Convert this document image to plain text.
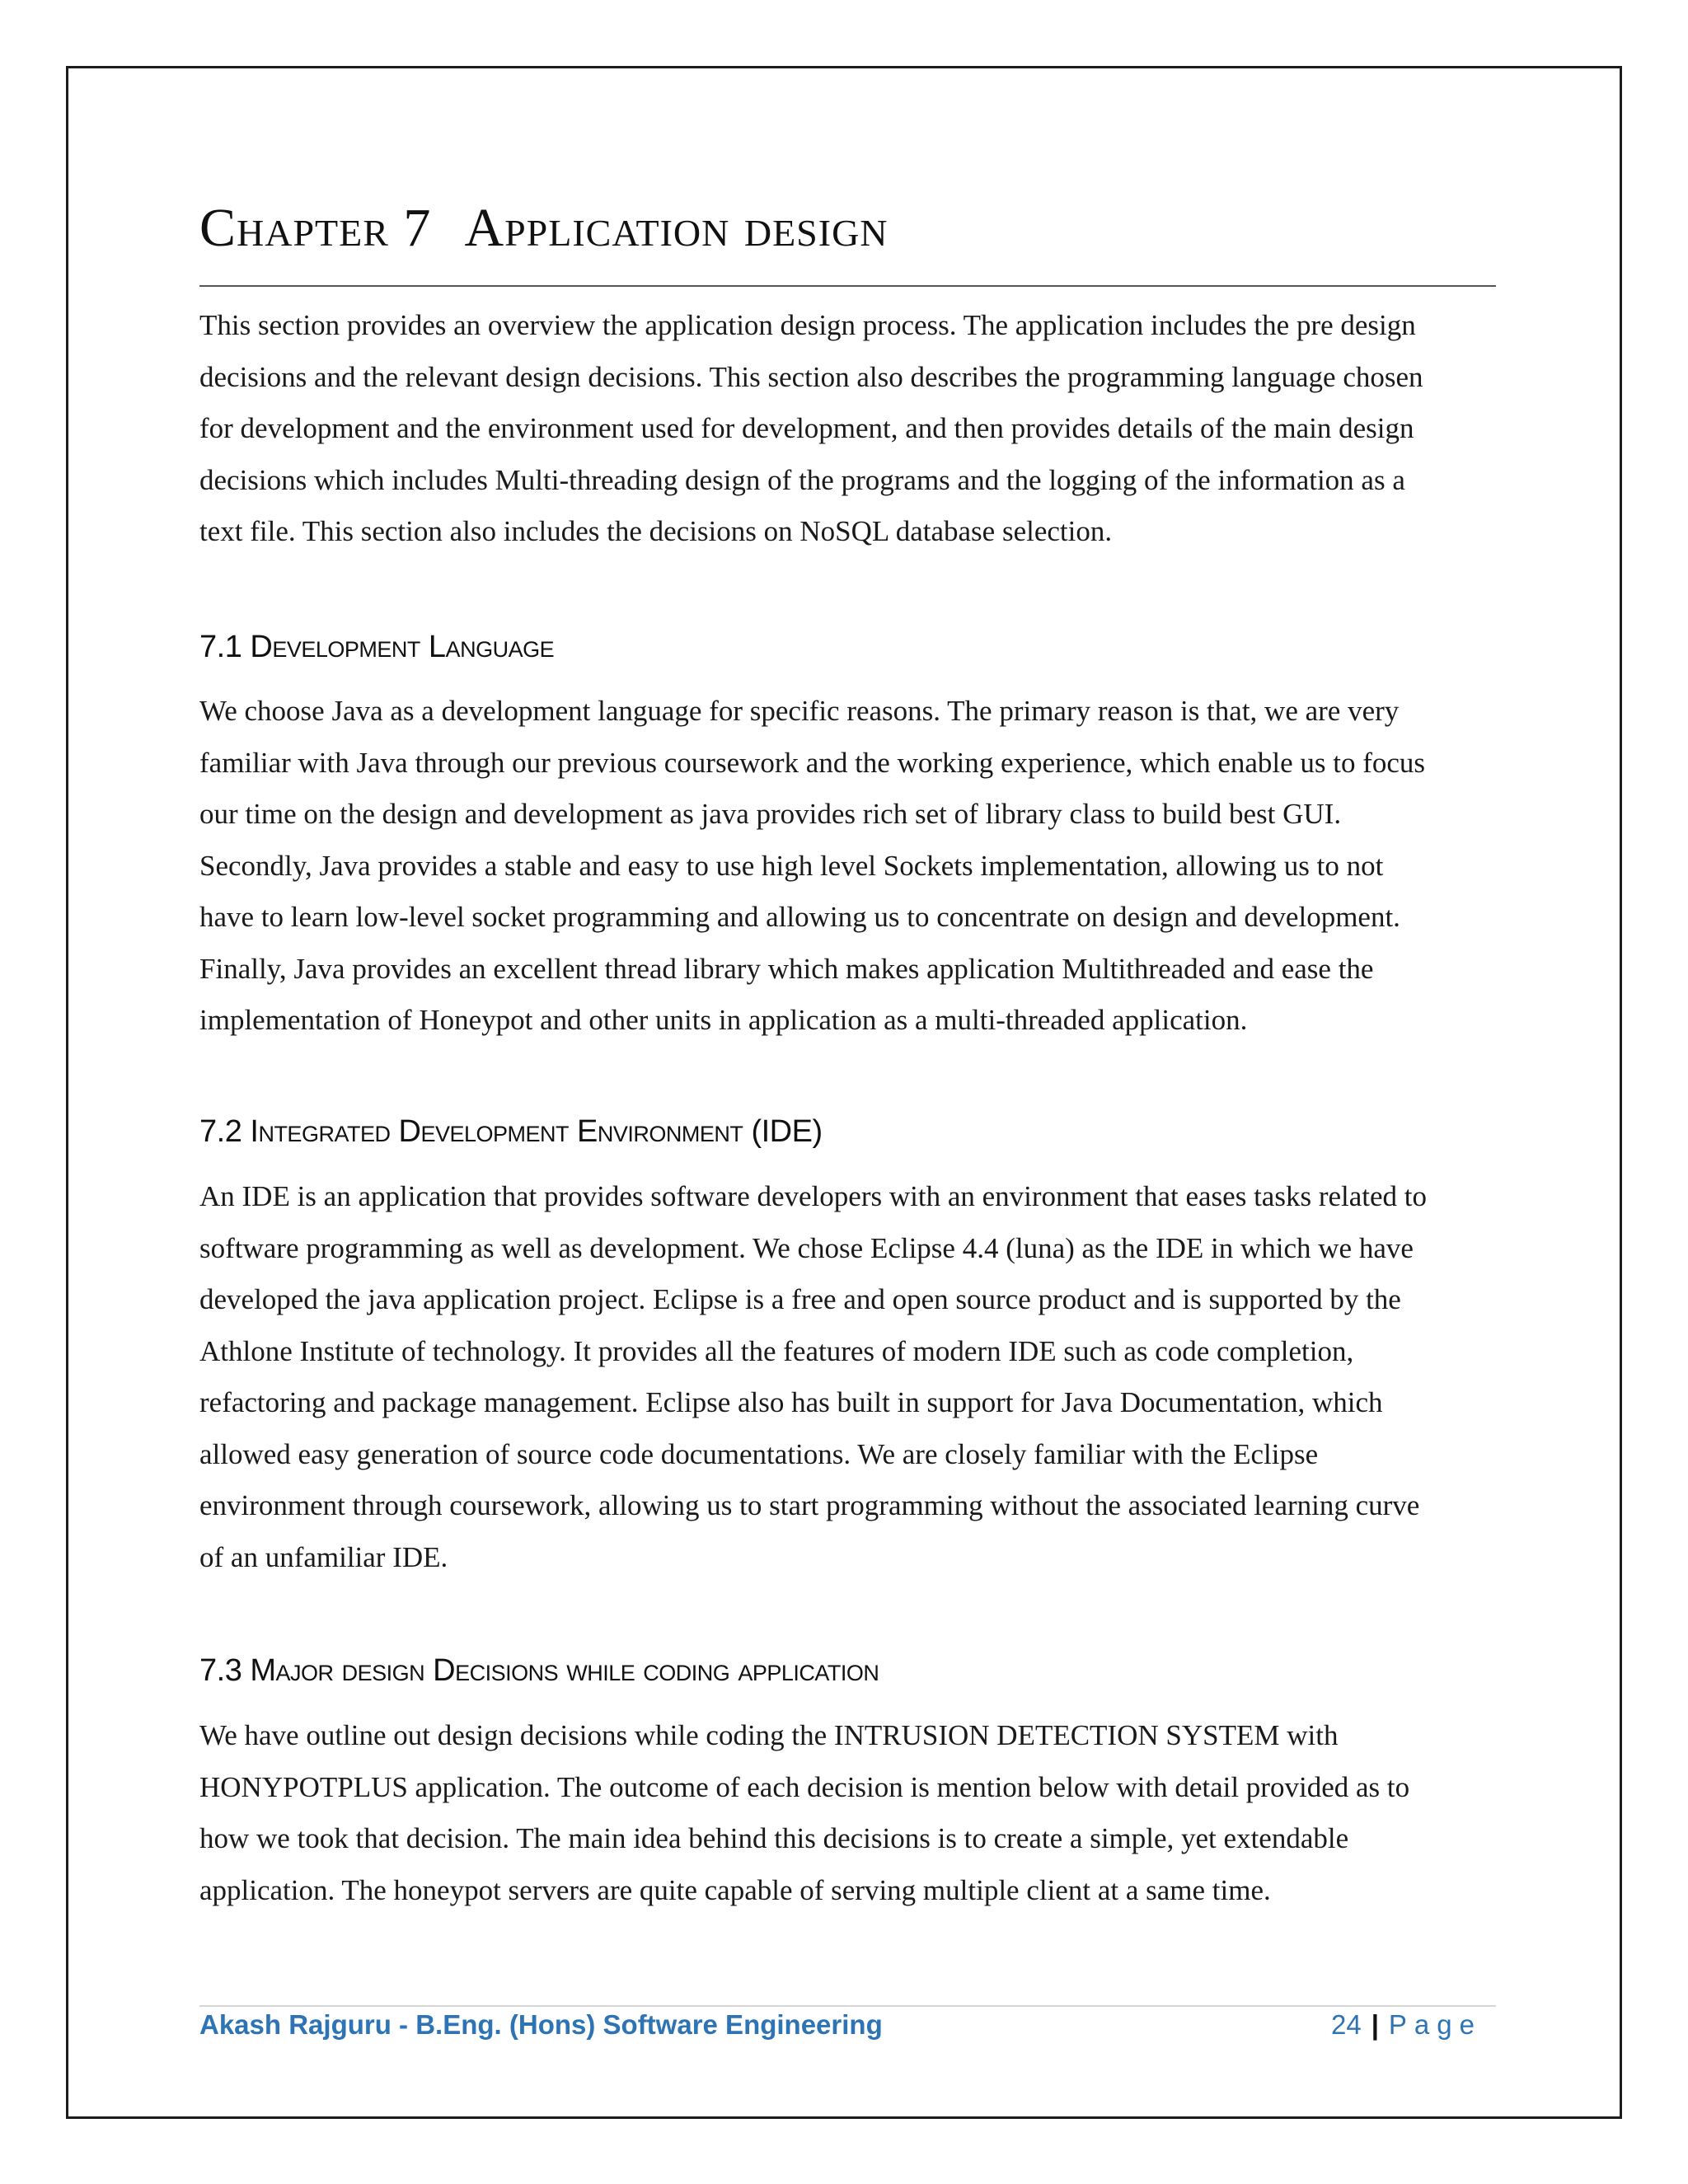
Chapter 7 Application design

This section provides an overview the application design process. The application includes the pre design
decisions and the relevant design decisions. This section also describes the programming language chosen
for development and the environment used for development, and then provides details of the main design
decisions which includes Multi-threading design of the programs and the logging of the information as a
text file. This section also includes the decisions on NoSQL database selection.

7.1 Development Language

We choose Java as a development language for specific reasons. The primary reason is that, we are very
familiar with Java through our previous coursework and the working experience, which enable us to focus
our time on the design and development as java provides rich set of library class to build best GUI.
Secondly, Java provides a stable and easy to use high level Sockets implementation, allowing us to not
have to learn low-level socket programming and allowing us to concentrate on design and development.
Finally, Java provides an excellent thread library which makes application Multithreaded and ease the
implementation of Honeypot and other units in application as a multi-threaded application.

7.2 Integrated Development Environment (IDE)

An IDE is an application that provides software developers with an environment that eases tasks related to
software programming as well as development. We chose Eclipse 4.4 (luna) as the IDE in which we have
developed the java application project. Eclipse is a free and open source product and is supported by the
Athlone Institute of technology. It provides all the features of modern IDE such as code completion,
refactoring and package management. Eclipse also has built in support for Java Documentation, which
allowed easy generation of source code documentations. We are closely familiar with the Eclipse
environment through coursework, allowing us to start programming without the associated learning curve
of an unfamiliar IDE.

7.3 Major design Decisions while coding application

We have outline out design decisions while coding the INTRUSION DETECTION SYSTEM with
HONYPOTPLUS application. The outcome of each decision is mention below with detail provided as to
how we took that decision. The main idea behind this decisions is to create a simple, yet extendable
application. The honeypot servers are quite capable of serving multiple client at a same time.

Akash Rajguru - B.Eng. (Hons) Software Engineering	24 | Page
